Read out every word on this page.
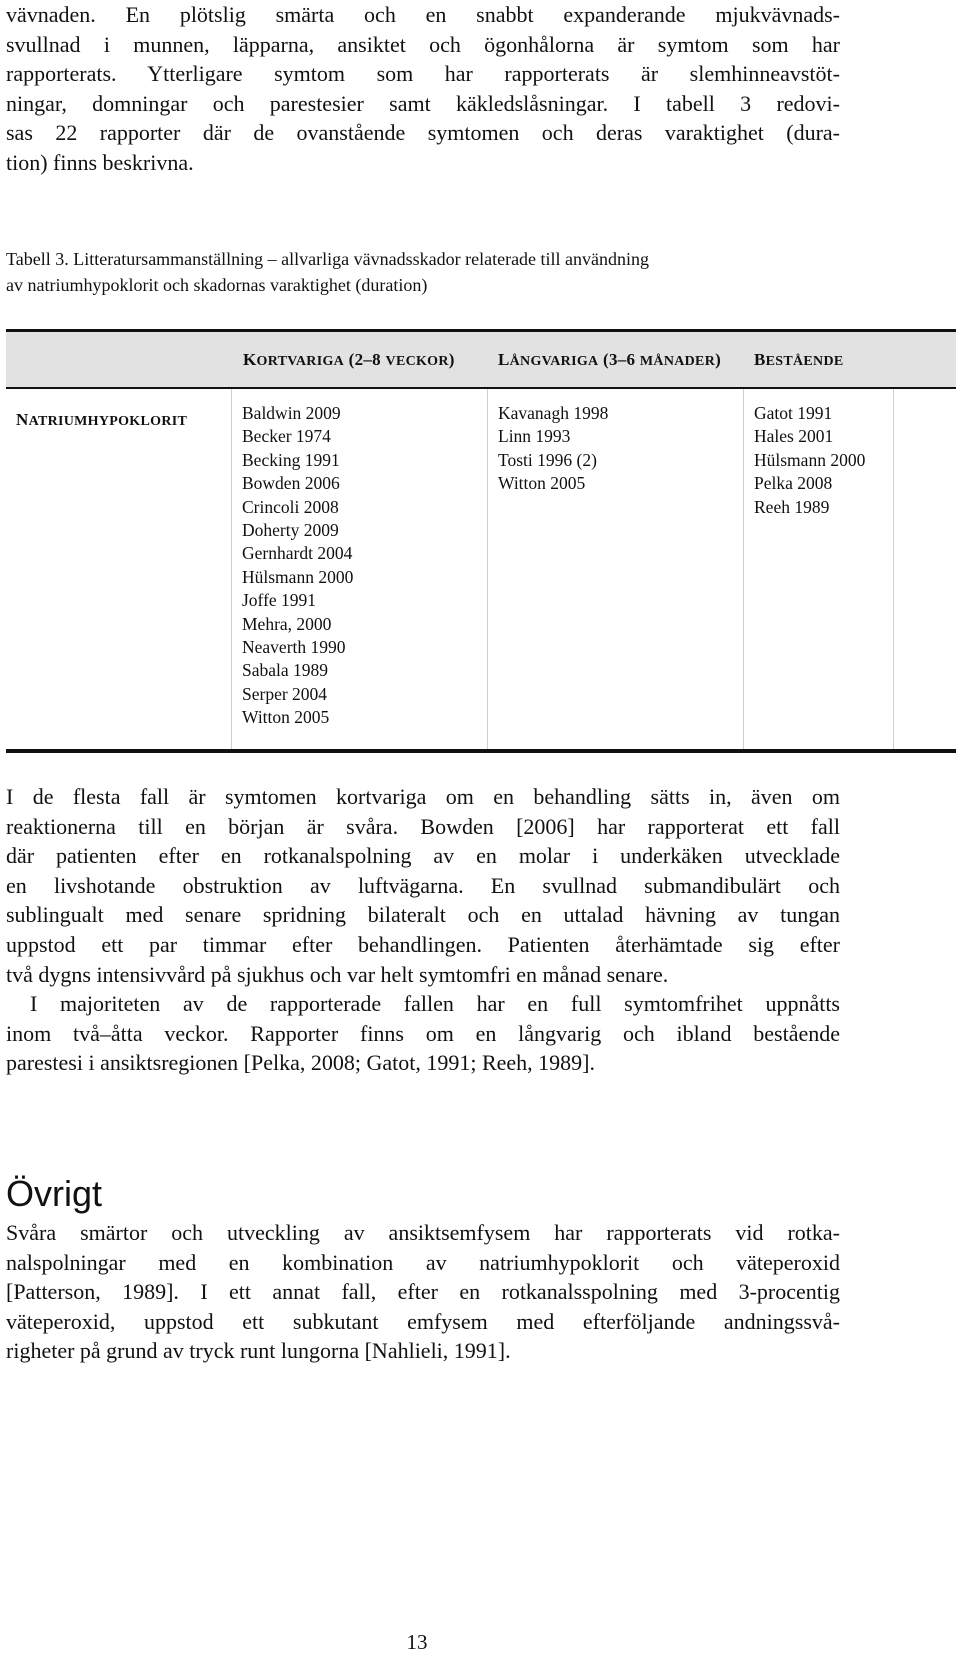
vävnaden. En plötslig smärta och en snabbt expanderande mjukvävnads-
svullnad i munnen, läpparna, ansiktet och ögonhålorna är symtom som har
rapporterats. Ytterligare symtom som har rapporterats är slemhinneavstöt-
ningar, domningar och parestesier samt käkledslåsningar. I tabell 3 redovi-
sas 22 rapporter där de ovanstående symtomen och deras varaktighet (dura-
tion) finns beskrivna.
Tabell 3. Litteratursammanställning – allvarliga vävnadsskador relaterade till användning
av natriumhypoklorit och skadornas varaktighet (duration)
KORTVARIGA (2–8 VECKOR)	LÅNGVARIGA (3–6 MÅNADER) BESTÅENDE
NATRIUMHYPOKLORIT	Baldwin 2009
Becker 1974
Becking 1991
Bowden 2006
Crincoli 2008
Doherty 2009
Gernhardt 2004
Hülsmann 2000
Joffe 1991
Mehra, 2000
Neaverth 1990
Sabala 1989
Serper 2004
Witton 2005
Kavanagh 1998
Linn 1993
Tosti 1996 (2)
Witton 2005
Gatot 1991
Hales 2001
Hülsmann 2000
Pelka 2008
Reeh 1989
I de flesta fall är symtomen kortvariga om en behandling sätts in, även om
reaktionerna till en början är svåra. Bowden [2006] har rapporterat ett fall
där patienten efter en rotkanalspolning av en molar i underkäken utvecklade
en livshotande obstruktion av luftvägarna. En svullnad submandibulärt och
sublingualt med senare spridning bilateralt och en uttalad hävning av tungan
uppstod ett par timmar efter behandlingen. Patienten återhämtade sig efter
två dygns intensivvård på sjukhus och var helt symtomfri en månad senare.
I majoriteten av de rapporterade fallen har en full symtomfrihet uppnåtts
inom två–åtta veckor. Rapporter finns om en långvarig och ibland bestående
parestesi i ansiktsregionen [Pelka, 2008; Gatot, 1991; Reeh, 1989].
Övrigt
Svåra smärtor och utveckling av ansiktsemfysem har rapporterats vid rotka-
nalspolningar med en kombination av natriumhypoklorit och väteperoxid
[Patterson, 1989]. I ett annat fall, efter en rotkanalsspolning med 3-procentig
väteperoxid, uppstod ett subkutant emfysem med efterföljande andningssvå-
righeter på grund av tryck runt lungorna [Nahlieli, 1991].
13
